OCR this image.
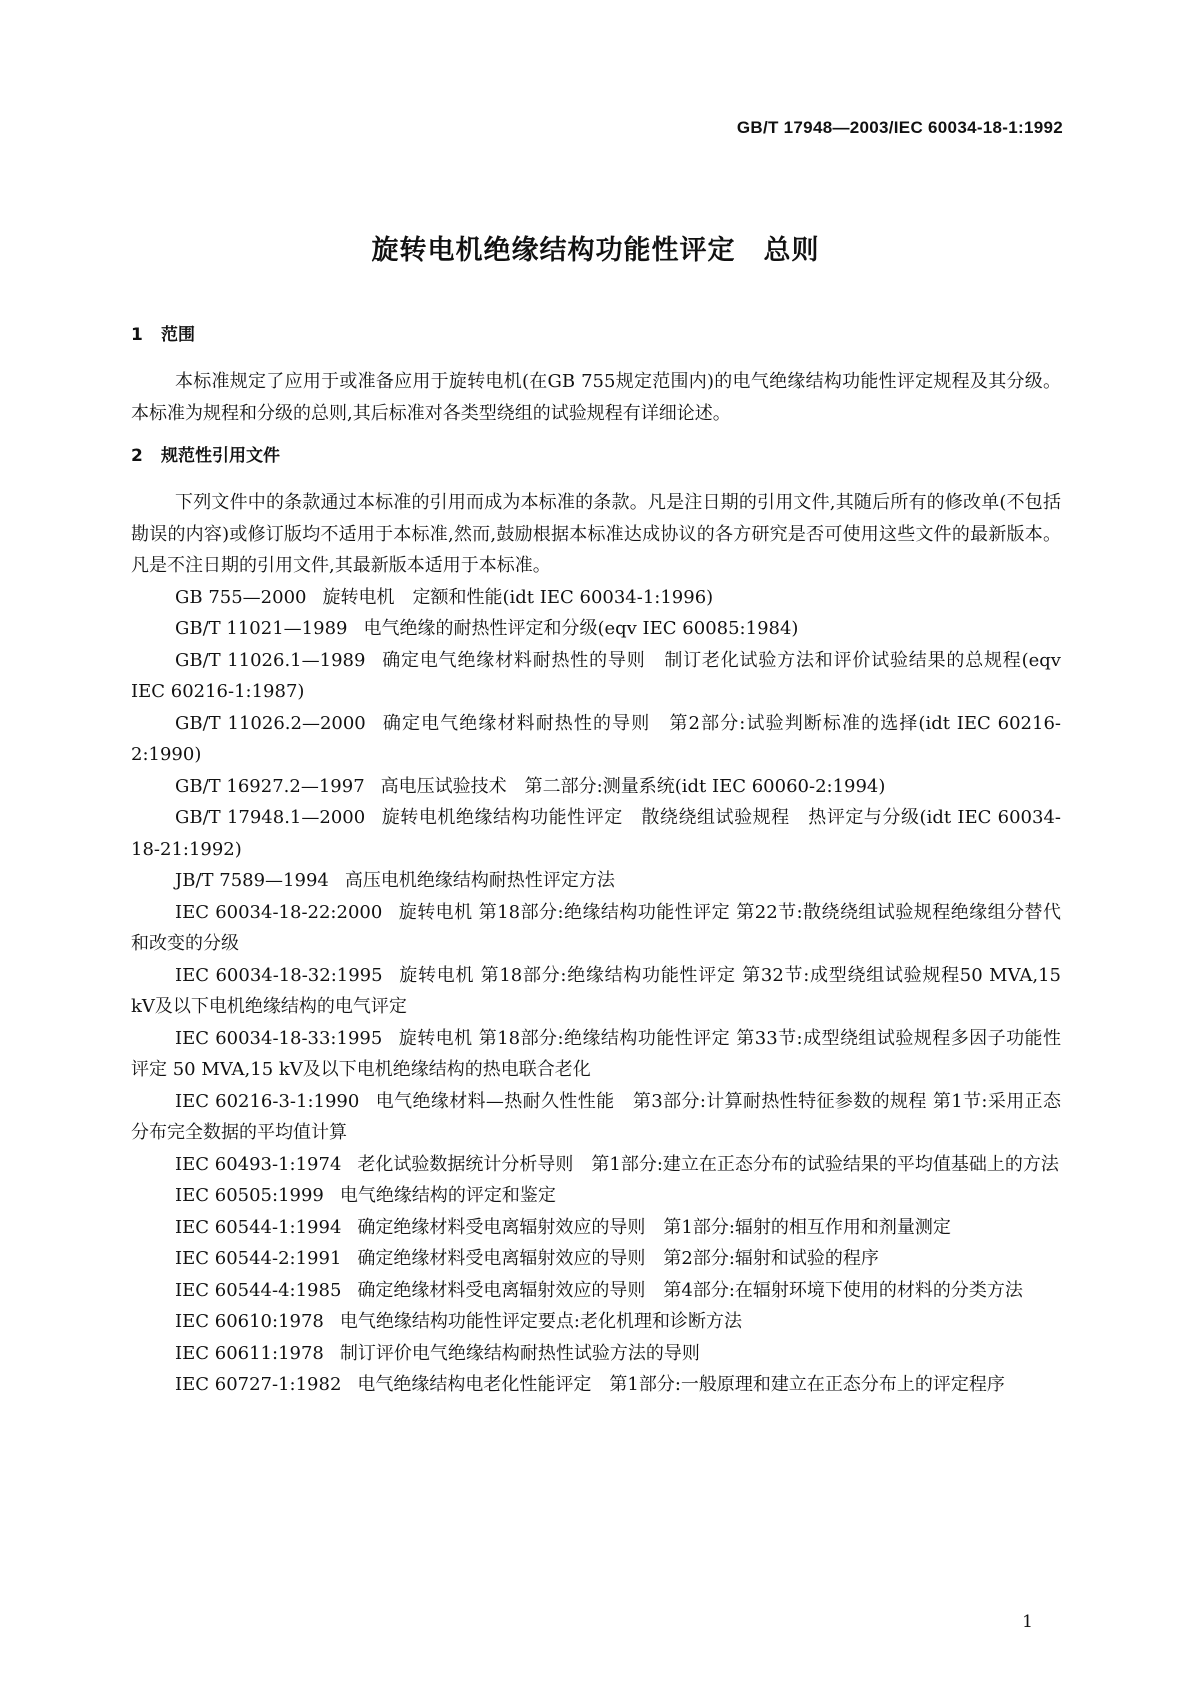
GB/T 17948—2003/IEC 60034-18-1:1992
旋转电机绝缘结构功能性评定　总则
1 范围

本标准规定了应用于或准备应用于旋转电机(在GB 755规定范围内)的电气绝缘结构功能性评定规程及其分级。本标准为规程和分级的总则,其后标准对各类型绕组的试验规程有详细论述。

2 规范性引用文件

下列文件中的条款通过本标准的引用而成为本标准的条款。凡是注日期的引用文件,其随后所有的修改单(不包括勘误的内容)或修订版均不适用于本标准,然而,鼓励根据本标准达成协议的各方研究是否可使用这些文件的最新版本。凡是不注日期的引用文件,其最新版本适用于本标准。

GB 755—2000 旋转电机　定额和性能(idt IEC 60034-1:1996)
GB/T 11021—1989 电气绝缘的耐热性评定和分级(eqv IEC 60085:1984)
GB/T 11026.1—1989 确定电气绝缘材料耐热性的导则　制订老化试验方法和评价试验结果的总规程(eqv IEC 60216-1:1987)
GB/T 11026.2—2000 确定电气绝缘材料耐热性的导则　第2部分:试验判断标准的选择(idt IEC 60216-2:1990)
GB/T 16927.2—1997 高电压试验技术　第二部分:测量系统(idt IEC 60060-2:1994)
GB/T 17948.1—2000 旋转电机绝缘结构功能性评定　散绕绕组试验规程　热评定与分级(idt IEC 60034-18-21:1992)
JB/T 7589—1994 高压电机绝缘结构耐热性评定方法
IEC 60034-18-22:2000 旋转电机 第18部分:绝缘结构功能性评定 第22节:散绕绕组试验规程绝缘组分替代和改变的分级
IEC 60034-18-32:1995 旋转电机 第18部分:绝缘结构功能性评定 第32节:成型绕组试验规程50 MVA,15 kV及以下电机绝缘结构的电气评定
IEC 60034-18-33:1995 旋转电机 第18部分:绝缘结构功能性评定 第33节:成型绕组试验规程多因子功能性评定 50 MVA,15 kV及以下电机绝缘结构的热电联合老化
IEC 60216-3-1:1990 电气绝缘材料—热耐久性性能　第3部分:计算耐热性特征参数的规程 第1节:采用正态分布完全数据的平均值计算
IEC 60493-1:1974 老化试验数据统计分析导则　第1部分:建立在正态分布的试验结果的平均值基础上的方法
IEC 60505:1999 电气绝缘结构的评定和鉴定
IEC 60544-1:1994 确定绝缘材料受电离辐射效应的导则　第1部分:辐射的相互作用和剂量测定
IEC 60544-2:1991 确定绝缘材料受电离辐射效应的导则　第2部分:辐射和试验的程序
IEC 60544-4:1985 确定绝缘材料受电离辐射效应的导则　第4部分:在辐射环境下使用的材料的分类方法
IEC 60610:1978 电气绝缘结构功能性评定要点:老化机理和诊断方法
IEC 60611:1978 制订评价电气绝缘结构耐热性试验方法的导则
IEC 60727-1:1982 电气绝缘结构电老化性能评定　第1部分:一般原理和建立在正态分布上的评定程序
1
